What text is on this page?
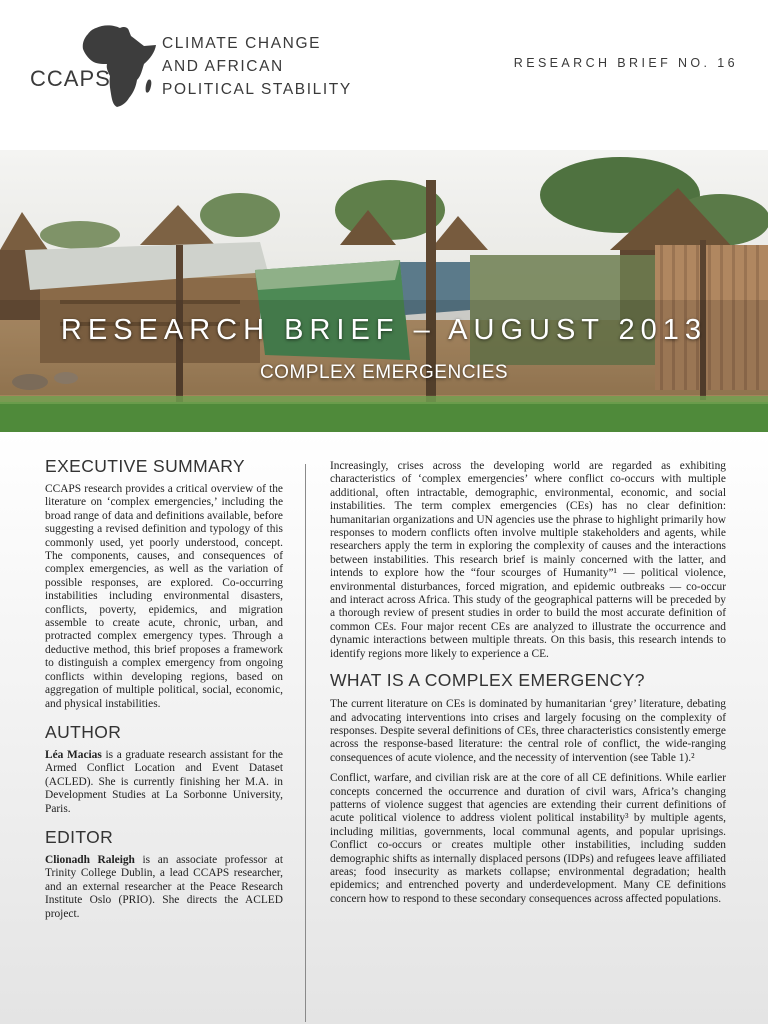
CCAPS
CLIMATE CHANGE
AND AFRICAN
POLITICAL STABILITY
RESEARCH BRIEF NO. 16
RESEARCH BRIEF – AUGUST 2013
COMPLEX EMERGENCIES
EXECUTIVE SUMMARY

CCAPS research provides a critical overview of the literature on ‘complex emergencies,’ including the broad range of data and definitions available, before suggesting a revised definition and typology of this commonly used, yet poorly understood, concept. The components, causes, and consequences of complex emergencies, as well as the variation of possible responses, are explored. Co-occurring instabilities including environmental disasters, conflicts, poverty, epidemics, and migration assemble to create acute, chronic, urban, and protracted complex emergency types. Through a deductive method, this brief proposes a framework to distinguish a complex emergency from ongoing conflicts within developing regions, based on aggregation of multiple political, social, economic, and physical instabilities.

AUTHOR

Léa Macias is a graduate research assistant for the Armed Conflict Location and Event Dataset (ACLED). She is currently finishing her M.A. in Development Studies at La Sorbonne University, Paris.

EDITOR

Clionadh Raleigh is an associate professor at Trinity College Dublin, a lead CCAPS researcher, and an external researcher at the Peace Research Institute Oslo (PRIO). She directs the ACLED project.

Increasingly, crises across the developing world are regarded as exhibiting characteristics of ‘complex emergencies’ where conflict co-occurs with multiple additional, often intractable, demographic, environmental, economic, and social instabilities. The term complex emergencies (CEs) has no clear definition: humanitarian organizations and UN agencies use the phrase to highlight primarily how responses to modern conflicts often involve multiple stakeholders and agents, while researchers apply the term in exploring the complexity of causes and the interactions between instabilities. This research brief is mainly concerned with the latter, and intends to explore how the “four scourges of Humanity”¹ — political violence, environmental disturbances, forced migration, and epidemic outbreaks — co-occur and interact across Africa. This study of the geographical patterns will be preceded by a thorough review of present studies in order to build the most accurate definition of common CEs. Four major recent CEs are analyzed to illustrate the occurrence and dynamic interactions between multiple threats. On this basis, this research intends to identify regions more likely to experience a CE.

WHAT IS A COMPLEX EMERGENCY?

The current literature on CEs is dominated by humanitarian ‘grey’ literature, debating and advocating interventions into crises and largely focusing on the complexity of responses. Despite several definitions of CEs, three characteristics consistently emerge across the response-based literature: the central role of conflict, the wide-ranging consequences of acute violence, and the necessity of intervention (see Table 1).²

Conflict, warfare, and civilian risk are at the core of all CE definitions. While earlier concepts concerned the occurrence and duration of civil wars, Africa’s changing patterns of violence suggest that agencies are extending their current definitions of acute political violence to address violent political instability³ by multiple agents, including militias, governments, local communal agents, and popular uprisings. Conflict co-occurs or creates multiple other instabilities, including sudden demographic shifts as internally displaced persons (IDPs) and refugees leave affiliated areas; food insecurity as markets collapse; environmental degradation; health epidemics; and entrenched poverty and underdevelopment. Many CE definitions concern how to respond to these secondary consequences across affected populations.
